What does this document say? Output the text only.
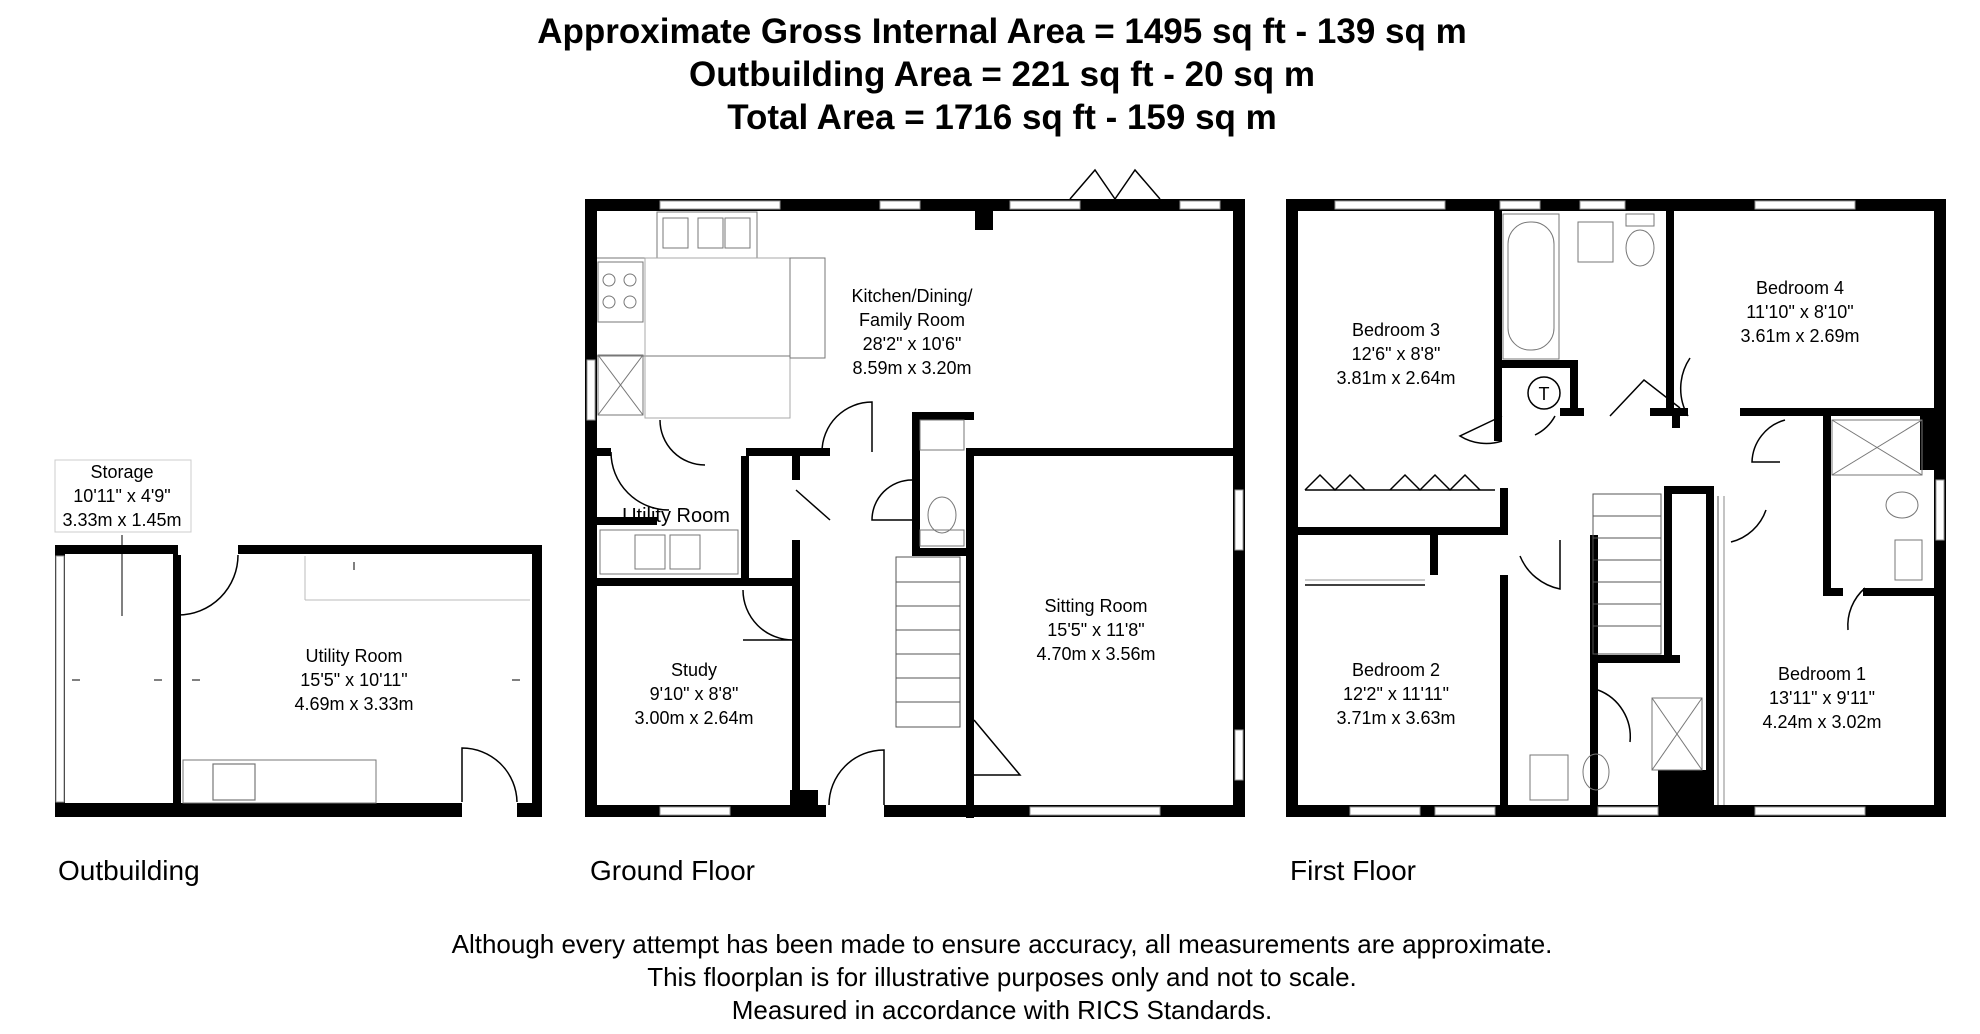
Approximate Gross Internal Area = 1495 sq ft - 139 sq m
Outbuilding Area = 221 sq ft - 20 sq m
Total Area = 1716 sq ft - 159 sq m
Storage
10'11" x 4'9"
3.33m x 1.45m
Utility Room
15'5" x 10'11"
4.69m x 3.33m
Kitchen/Dining/
Family Room
28'2" x 10'6"
8.59m x 3.20m
Utility Room
Study
9'10" x 8'8"
3.00m x 2.64m
Sitting Room
15'5" x 11'8"
4.70m x 3.56m
T
Bedroom 3
12'6" x 8'8"
3.81m x 2.64m
Bedroom 4
11'10" x 8'10"
3.61m x 2.69m
Bedroom 2
12'2" x 11'11"
3.71m x 3.63m
Bedroom 1
13'11" x 9'11"
4.24m x 3.02m
Outbuilding	Ground Floor	First Floor
Although every attempt has been made to ensure accuracy, all measurements are approximate.
This floorplan is for illustrative purposes only and not to scale.
Measured in accordance with RICS Standards.
